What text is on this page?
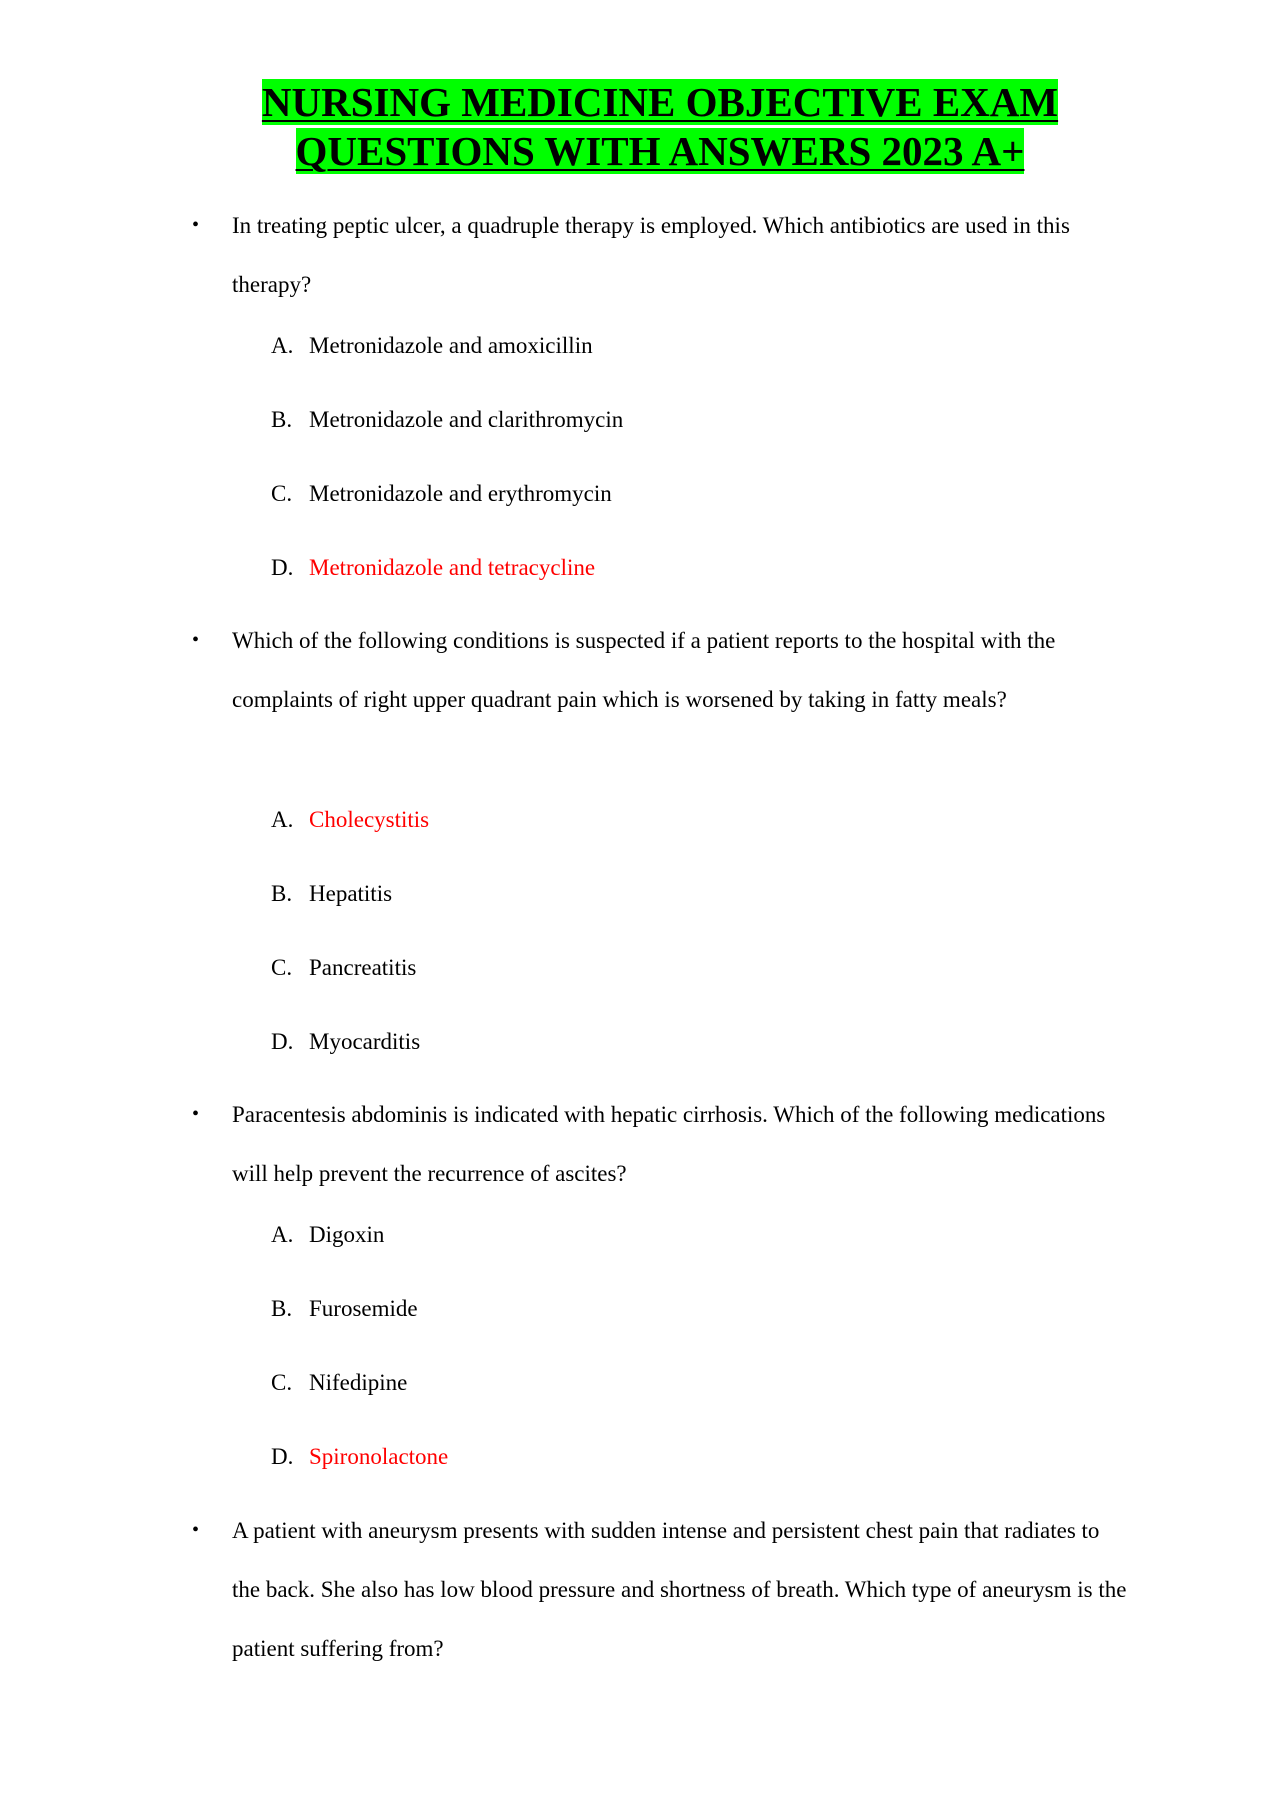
NURSING MEDICINE OBJECTIVE EXAM
QUESTIONS WITH ANSWERS 2023 A+
• In treating peptic ulcer, a quadruple therapy is employed. Which antibiotics are used in this therapy?
A. Metronidazole and amoxicillin
B. Metronidazole and clarithromycin
C. Metronidazole and erythromycin
D. Metronidazole and tetracycline
• Which of the following conditions is suspected if a patient reports to the hospital with the complaints of right upper quadrant pain which is worsened by taking in fatty meals?
A. Cholecystitis
B. Hepatitis
C. Pancreatitis
D. Myocarditis
• Paracentesis abdominis is indicated with hepatic cirrhosis. Which of the following medications will help prevent the recurrence of ascites?
A. Digoxin
B. Furosemide
C. Nifedipine
D. Spironolactone
• A patient with aneurysm presents with sudden intense and persistent chest pain that radiates to the back. She also has low blood pressure and shortness of breath. Which type of aneurysm is the patient suffering from?
